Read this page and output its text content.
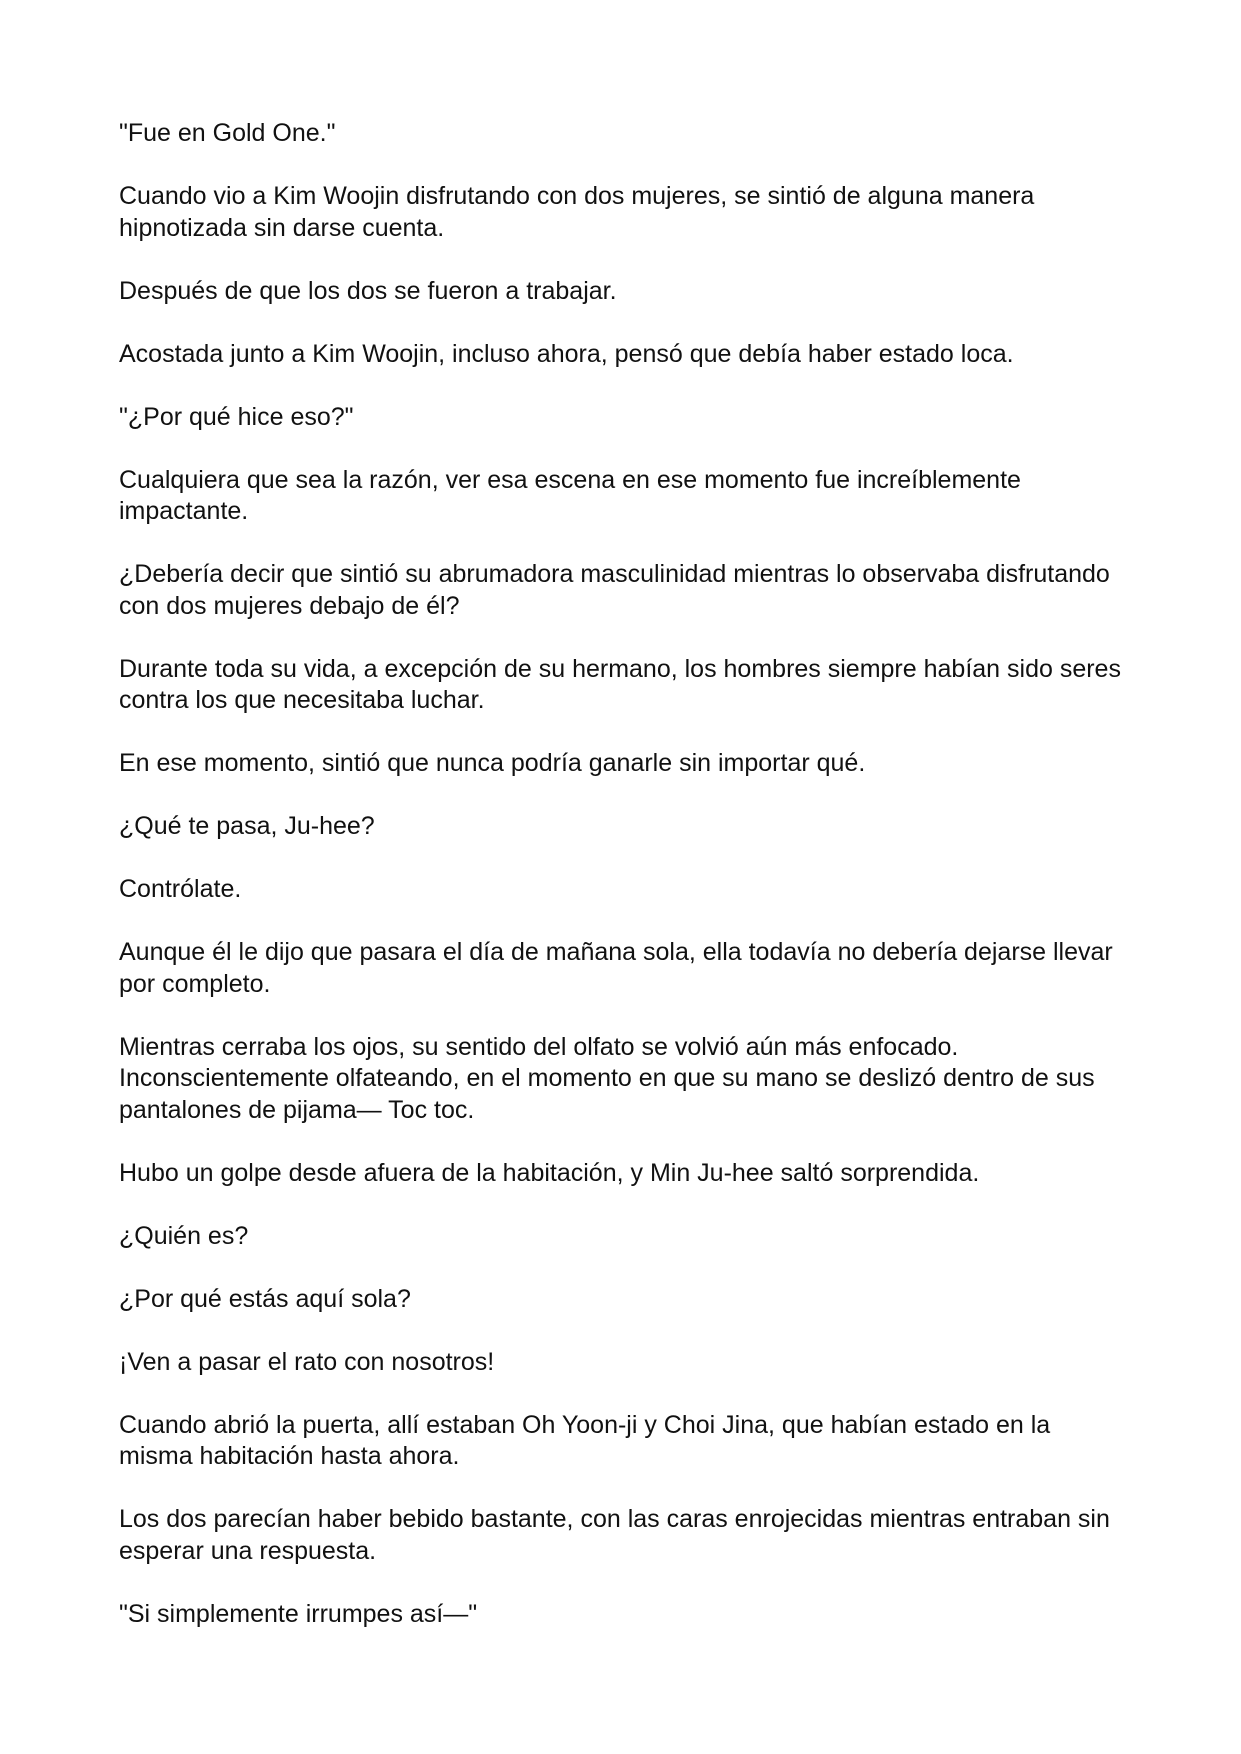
"Fue en Gold One."

Cuando vio a Kim Woojin disfrutando con dos mujeres, se sintió de alguna manera hipnotizada sin darse cuenta.

Después de que los dos se fueron a trabajar.

Acostada junto a Kim Woojin, incluso ahora, pensó que debía haber estado loca.

"¿Por qué hice eso?"

Cualquiera que sea la razón, ver esa escena en ese momento fue increíblemente impactante.

¿Debería decir que sintió su abrumadora masculinidad mientras lo observaba disfrutando con dos mujeres debajo de él?

Durante toda su vida, a excepción de su hermano, los hombres siempre habían sido seres contra los que necesitaba luchar.

En ese momento, sintió que nunca podría ganarle sin importar qué.

¿Qué te pasa, Ju-hee?

Contrólate.

Aunque él le dijo que pasara el día de mañana sola, ella todavía no debería dejarse llevar por completo.

Mientras cerraba los ojos, su sentido del olfato se volvió aún más enfocado. Inconscientemente olfateando, en el momento en que su mano se deslizó dentro de sus pantalones de pijama— Toc toc.

Hubo un golpe desde afuera de la habitación, y Min Ju-hee saltó sorprendida.

¿Quién es?

¿Por qué estás aquí sola?

¡Ven a pasar el rato con nosotros!

Cuando abrió la puerta, allí estaban Oh Yoon-ji y Choi Jina, que habían estado en la misma habitación hasta ahora.

Los dos parecían haber bebido bastante, con las caras enrojecidas mientras entraban sin esperar una respuesta.

"Si simplemente irrumpes así—"
